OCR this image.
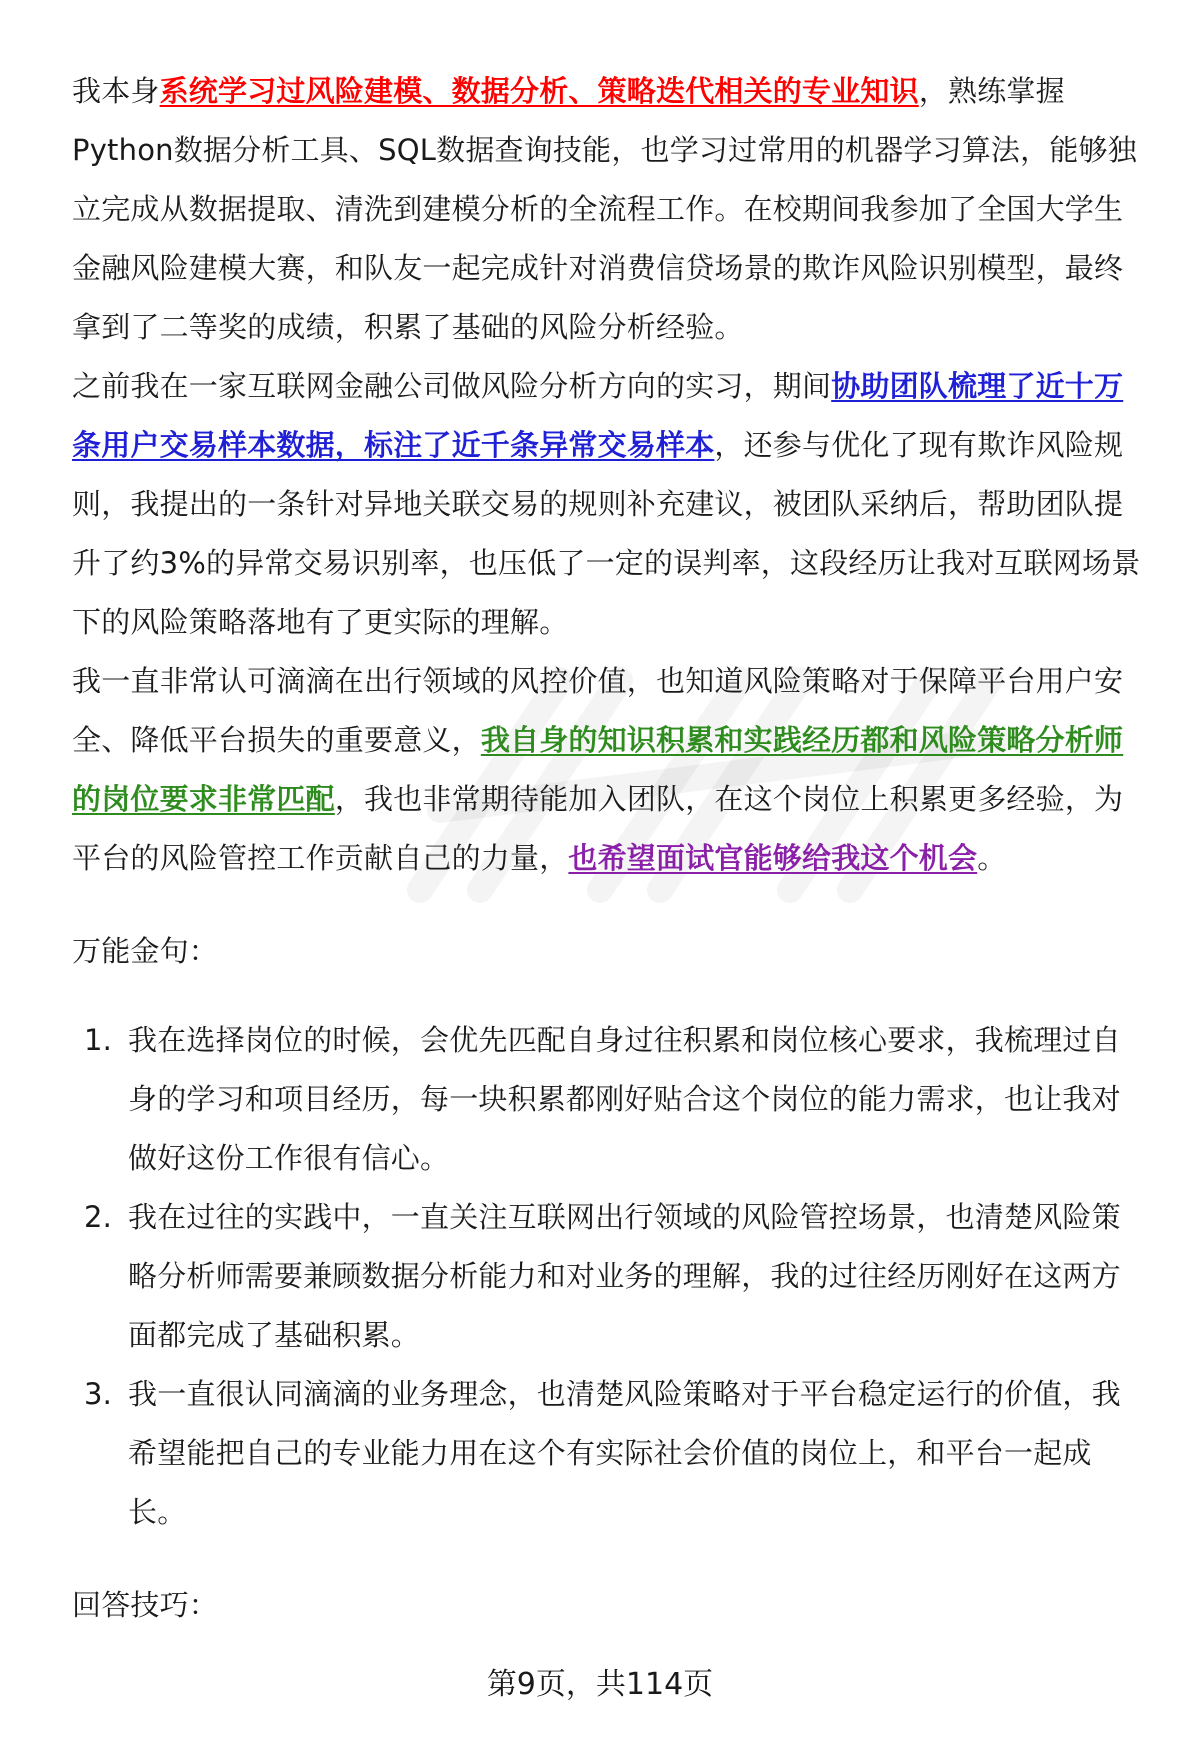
我本身系统学习过风险建模、数据分析、策略迭代相关的专业知识，熟练掌握Python数据分析工具、SQL数据查询技能，也学习过常用的机器学习算法，能够独立完成从数据提取、清洗到建模分析的全流程工作。在校期间我参加了全国大学生金融风险建模大赛，和队友一起完成针对消费信贷场景的欺诈风险识别模型，最终拿到了二等奖的成绩，积累了基础的风险分析经验。

之前我在一家互联网金融公司做风险分析方向的实习，期间协助团队梳理了近十万条用户交易样本数据，标注了近千条异常交易样本，还参与优化了现有欺诈风险规则，我提出的一条针对异地关联交易的规则补充建议，被团队采纳后，帮助团队提升了约3%的异常交易识别率，也压低了一定的误判率，这段经历让我对互联网场景下的风险策略落地有了更实际的理解。

我一直非常认可滴滴在出行领域的风控价值，也知道风险策略对于保障平台用户安全、降低平台损失的重要意义，我自身的知识积累和实践经历都和风险策略分析师的岗位要求非常匹配，我也非常期待能加入团队，在这个岗位上积累更多经验，为平台的风险管控工作贡献自己的力量，也希望面试官能够给我这个机会。

万能金句：

1. 我在选择岗位的时候，会优先匹配自身过往积累和岗位核心要求，我梳理过自身的学习和项目经历，每一块积累都刚好贴合这个岗位的能力需求，也让我对做好这份工作很有信心。
2. 我在过往的实践中，一直关注互联网出行领域的风险管控场景，也清楚风险策略分析师需要兼顾数据分析能力和对业务的理解，我的过往经历刚好在这两方面都完成了基础积累。
3. 我一直很认同滴滴的业务理念，也清楚风险策略对于平台稳定运行的价值，我希望能把自己的专业能力用在这个有实际社会价值的岗位上，和平台一起成长。

回答技巧：

第9页，共114页
